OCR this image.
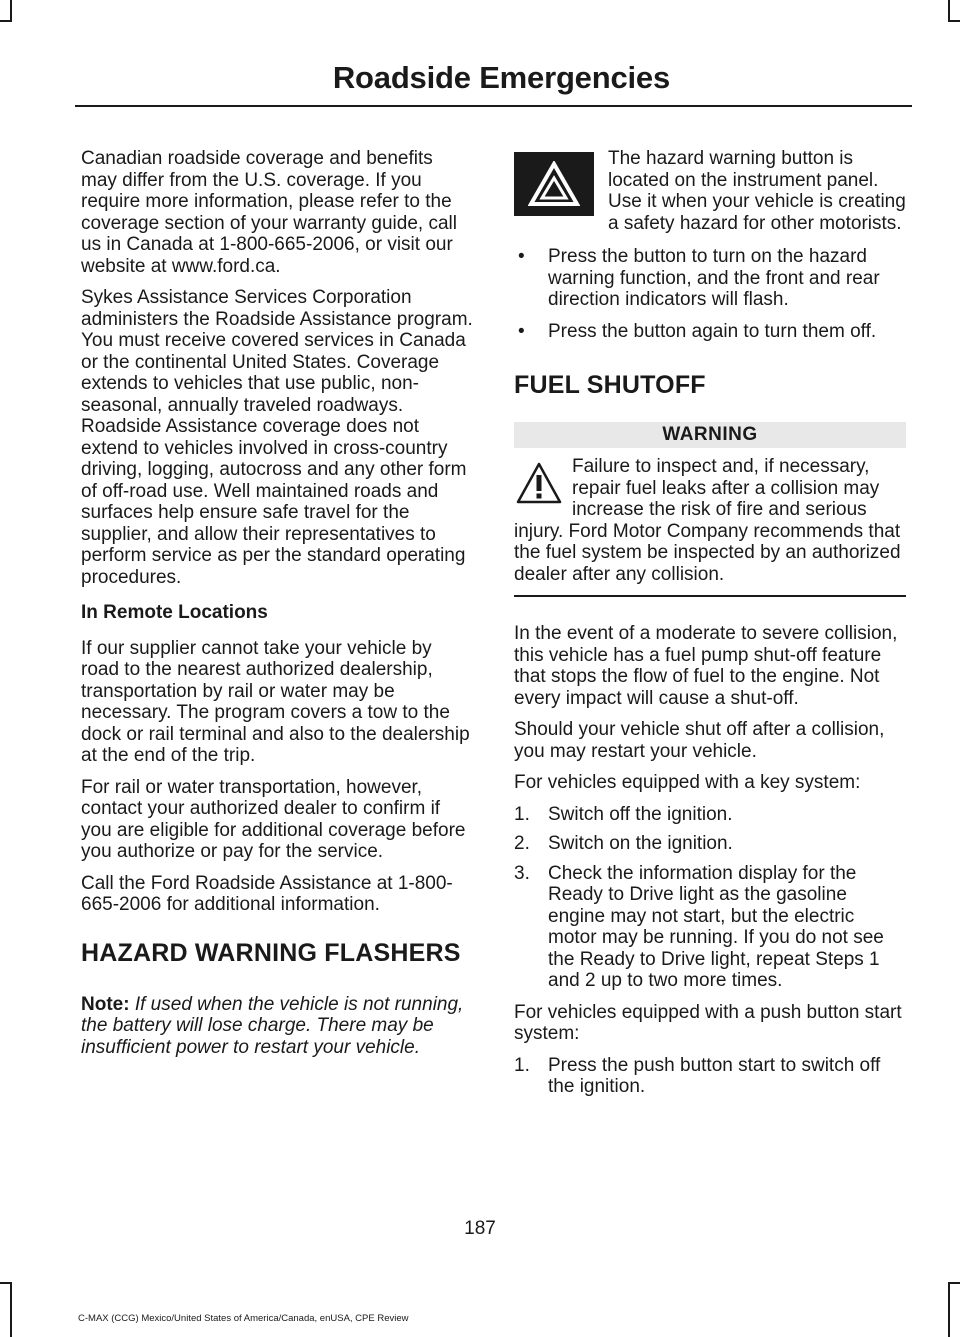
Roadside Emergencies

Canadian roadside coverage and benefits may differ from the U.S. coverage. If you require more information, please refer to the coverage section of your warranty guide, call us in Canada at 1-800-665-2006, or visit our website at www.ford.ca.

Sykes Assistance Services Corporation administers the Roadside Assistance program. You must receive covered services in Canada or the continental United States. Coverage extends to vehicles that use public, non-seasonal, annually traveled roadways. Roadside Assistance coverage does not extend to vehicles involved in cross-country driving, logging, autocross and any other form of off-road use. Well maintained roads and surfaces help ensure safe travel for the supplier, and allow their representatives to perform service as per the standard operating procedures.

In Remote Locations

If our supplier cannot take your vehicle by road to the nearest authorized dealership, transportation by rail or water may be necessary. The program covers a tow to the dock or rail terminal and also to the dealership at the end of the trip.

For rail or water transportation, however, contact your authorized dealer to confirm if you are eligible for additional coverage before you authorize or pay for the service.

Call the Ford Roadside Assistance at 1-800-665-2006 for additional information.

HAZARD WARNING FLASHERS

Note: If used when the vehicle is not running, the battery will lose charge. There may be insufficient power to restart your vehicle.

The hazard warning button is located on the instrument panel. Use it when your vehicle is creating a safety hazard for other motorists.

• Press the button to turn on the hazard warning function, and the front and rear direction indicators will flash.
• Press the button again to turn them off.
FUEL SHUTOFF
WARNING

Failure to inspect and, if necessary, repair fuel leaks after a collision may increase the risk of fire and serious injury. Ford Motor Company recommends that the fuel system be inspected by an authorized dealer after any collision.

In the event of a moderate to severe collision, this vehicle has a fuel pump shut-off feature that stops the flow of fuel to the engine. Not every impact will cause a shut-off.

Should your vehicle shut off after a collision, you may restart your vehicle.

For vehicles equipped with a key system:

1. Switch off the ignition.
2. Switch on the ignition.
3. Check the information display for the Ready to Drive light as the gasoline engine may not start, but the electric motor may be running. If you do not see the Ready to Drive light, repeat Steps 1 and 2 up to two more times.

For vehicles equipped with a push button start system:

1. Press the push button start to switch off the ignition.
187
C-MAX (CCG) Mexico/United States of America/Canada, enUSA, CPE Review
